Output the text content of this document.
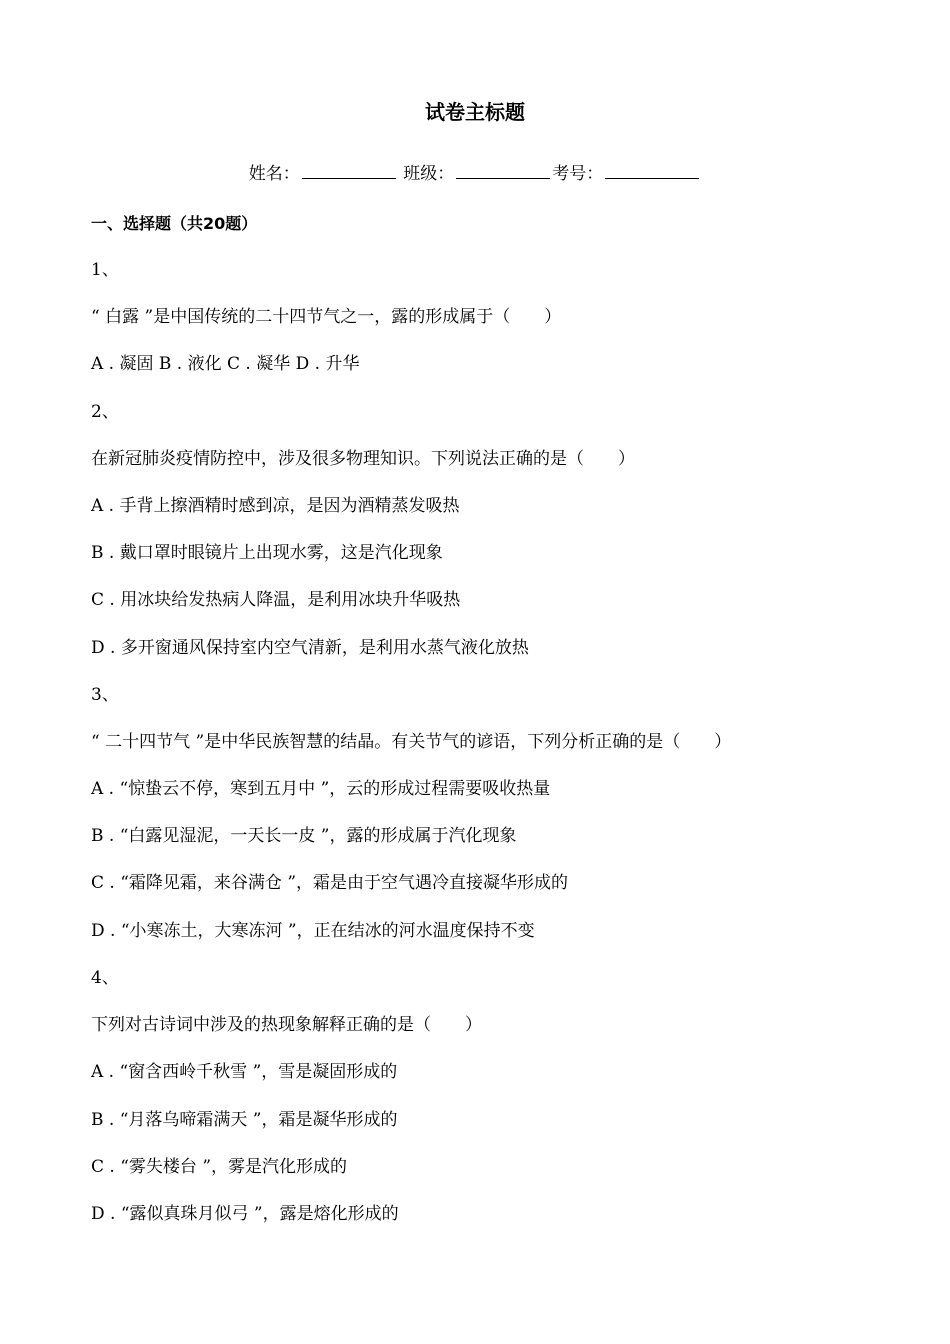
试卷主标题
姓名：	班级：	考号：
一、选择题（共20题）
1、
“ 白露 ”是中国传统的二十四节气之一，露的形成属于（　　）
A . 凝固 B . 液化 C . 凝华 D . 升华
2、
在新冠肺炎疫情防控中，涉及很多物理知识。下列说法正确的是（　　）
A . 手背上擦酒精时感到凉，是因为酒精蒸发吸热
B . 戴口罩时眼镜片上出现水雾，这是汽化现象
C . 用冰块给发热病人降温，是利用冰块升华吸热
D . 多开窗通风保持室内空气清新，是利用水蒸气液化放热
3、
“ 二十四节气 ”是中华民族智慧的结晶。有关节气的谚语，下列分析正确的是（　　）
A . “惊蛰云不停，寒到五月中 ”，云的形成过程需要吸收热量
B . “白露见湿泥，一天长一皮 ”，露的形成属于汽化现象
C . “霜降见霜，来谷满仓 ”，霜是由于空气遇冷直接凝华形成的
D . “小寒冻土，大寒冻河 ”，正在结冰的河水温度保持不变
4、
下列对古诗词中涉及的热现象解释正确的是（　　）
A . “窗含西岭千秋雪 ”，雪是凝固形成的
B . “月落乌啼霜满天 ”，霜是凝华形成的
C . “雾失楼台 ”，雾是汽化形成的
D . “露似真珠月似弓 ”，露是熔化形成的
